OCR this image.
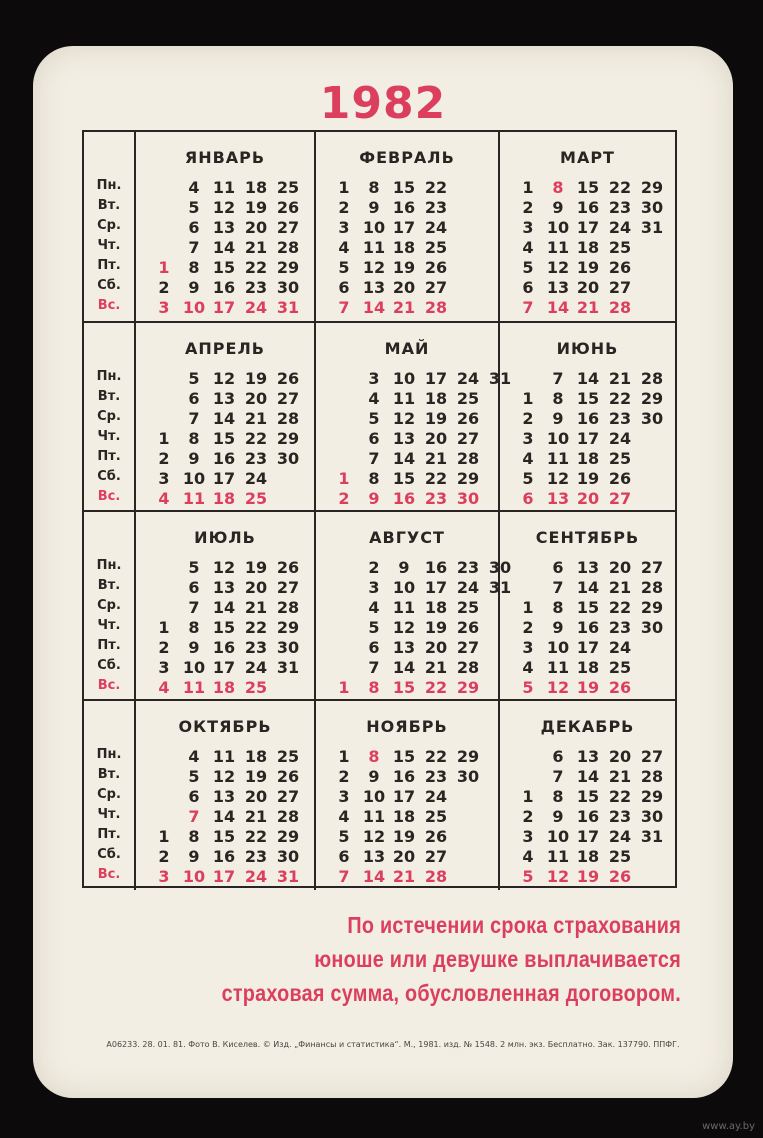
1982
Пн.
Вт.
Ср.
Чт.
Пт.
Сб.
Вс.
ЯНВАРЬ
1
2
3
4
5
6
7
8
9
10
11
12
13
14
15
16
17
18
19
20
21
22
23
24
25
26
27
28
29
30
31
ФЕВРАЛЬ
1
2
3
4
5
6
7
8
9
10
11
12
13
14
15
16
17
18
19
20
21
22
23
24
25
26
27
28
МАРТ
1
2
3
4
5
6
7
8
9
10
11
12
13
14
15
16
17
18
19
20
21
22
23
24
25
26
27
28
29
30
31
Пн.
Вт.
Ср.
Чт.
Пт.
Сб.
Вс.
АПРЕЛЬ
1
2
3
4
5
6
7
8
9
10
11
12
13
14
15
16
17
18
19
20
21
22
23
24
25
26
27
28
29
30
МАЙ
1
2
3
4
5
6
7
8
9
10
11
12
13
14
15
16
17
18
19
20
21
22
23
24
25
26
27
28
29
30
31
ИЮНЬ
1
2
3
4
5
6
7
8
9
10
11
12
13
14
15
16
17
18
19
20
21
22
23
24
25
26
27
28
29
30
Пн.
Вт.
Ср.
Чт.
Пт.
Сб.
Вс.
ИЮЛЬ
1
2
3
4
5
6
7
8
9
10
11
12
13
14
15
16
17
18
19
20
21
22
23
24
25
26
27
28
29
30
31
АВГУСТ
1
2
3
4
5
6
7
8
9
10
11
12
13
14
15
16
17
18
19
20
21
22
23
24
25
26
27
28
29
30
31
СЕНТЯБРЬ
1
2
3
4
5
6
7
8
9
10
11
12
13
14
15
16
17
18
19
20
21
22
23
24
25
26
27
28
29
30
Пн.
Вт.
Ср.
Чт.
Пт.
Сб.
Вс.
ОКТЯБРЬ
1
2
3
4
5
6
7
8
9
10
11
12
13
14
15
16
17
18
19
20
21
22
23
24
25
26
27
28
29
30
31
НОЯБРЬ
1
2
3
4
5
6
7
8
9
10
11
12
13
14
15
16
17
18
19
20
21
22
23
24
25
26
27
28
29
30
ДЕКАБРЬ
1
2
3
4
5
6
7
8
9
10
11
12
13
14
15
16
17
18
19
20
21
22
23
24
25
26
27
28
29
30
31
По истечении срока страхования
юноше или девушке выплачивается
страховая сумма, обусловленная договором.
А06233. 28. 01. 81. Фото В. Киселев. © Изд. „Финансы и статистика“. М., 1981. изд. № 1548. 2 млн. экз. Бесплатно. Зак. 137790. ППФГ.
www.ay.by
